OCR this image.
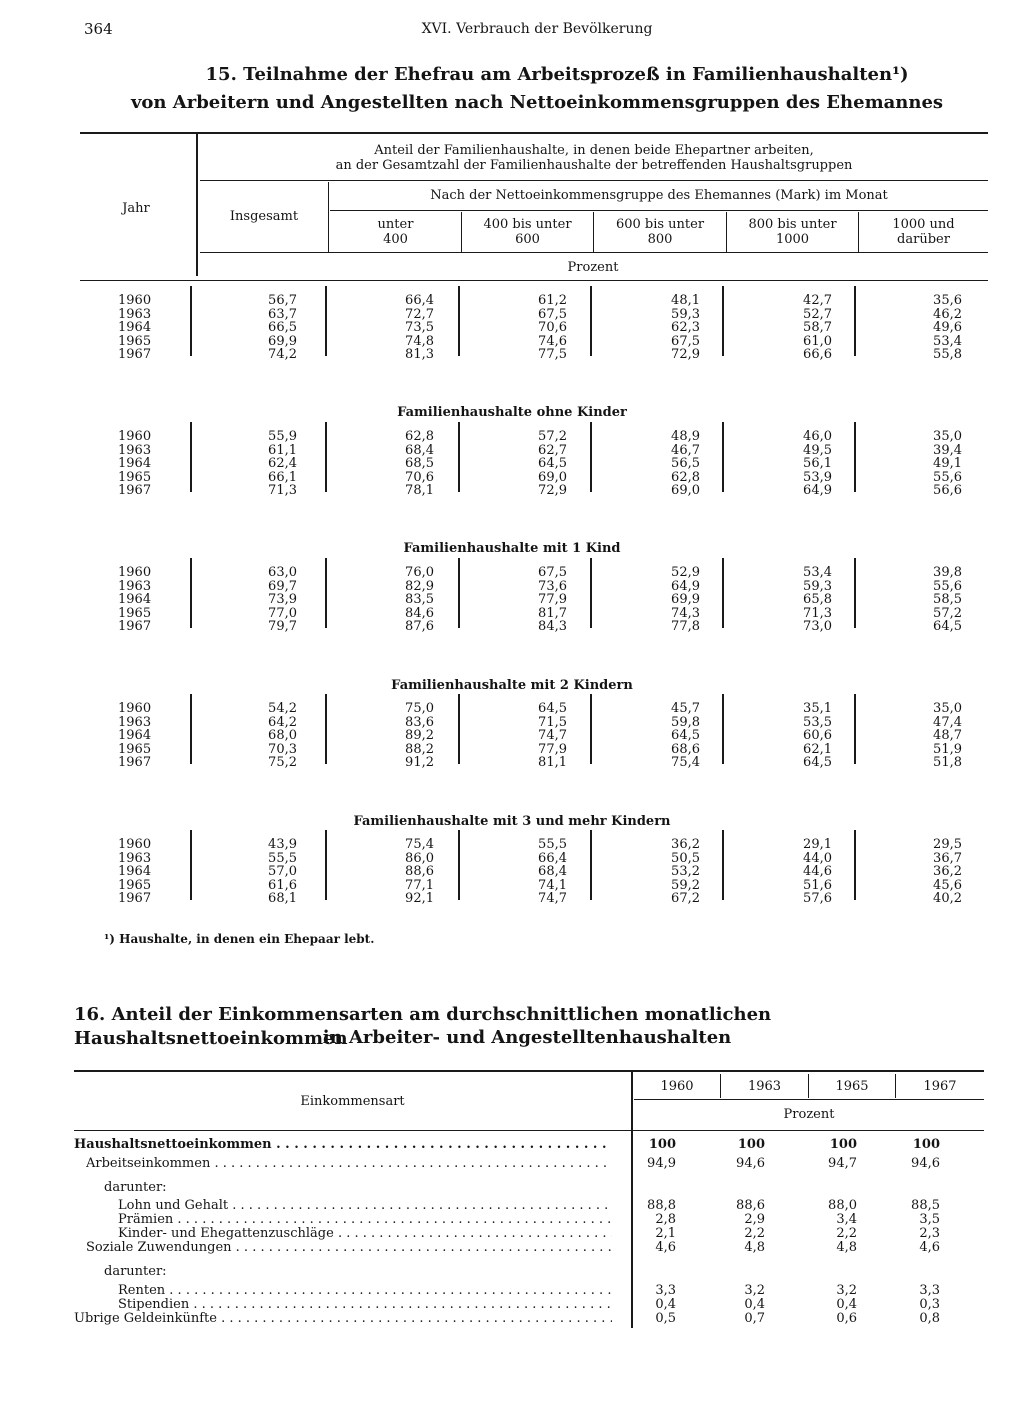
364	XVI. Verbrauch der Bevölkerung
15. Teilnahme der Ehefrau am Arbeitsprozeß in Familienhaushalten¹)
von Arbeitern und Angestellten nach Nettoeinkommensgruppen des Ehemannes
Jahr
Anteil der Familienhaushalte, in denen beide Ehepartner arbeiten,
an der Gesamtzahl der Familienhaushalte der betreffenden Haushaltsgruppen
Insgesamt
Nach der Nettoeinkommensgruppe des Ehemannes (Mark) im Monat
unter
400
400 bis unter
600
600 bis unter
800
800 bis unter
1000
1000 und
darüber
Prozent
1960	56,7	66,4	61,2	48,1	42,7	35,6
1963	63,7	72,7	67,5	59,3	52,7	46,2
1964	66,5	73,5	70,6	62,3	58,7	49,6
1965	69,9	74,8	74,6	67,5	61,0	53,4
1967	74,2	81,3	77,5	72,9	66,6	55,8
Familienhaushalte ohne Kinder
1960	55,9	62,8	57,2	48,9	46,0	35,0
1963	61,1	68,4	62,7	46,7	49,5	39,4
1964	62,4	68,5	64,5	56,5	56,1	49,1
1965	66,1	70,6	69,0	62,8	53,9	55,6
1967	71,3	78,1	72,9	69,0	64,9	56,6
Familienhaushalte mit 1 Kind
1960	63,0	76,0	67,5	52,9	53,4	39,8
1963	69,7	82,9	73,6	64,9	59,3	55,6
1964	73,9	83,5	77,9	69,9	65,8	58,5
1965	77,0	84,6	81,7	74,3	71,3	57,2
1967	79,7	87,6	84,3	77,8	73,0	64,5
Familienhaushalte mit 2 Kindern
1960	54,2	75,0	64,5	45,7	35,1	35,0
1963	64,2	83,6	71,5	59,8	53,5	47,4
1964	68,0	89,2	74,7	64,5	60,6	48,7
1965	70,3	88,2	77,9	68,6	62,1	51,9
1967	75,2	91,2	81,1	75,4	64,5	51,8
Familienhaushalte mit 3 und mehr Kindern
1960	43,9	75,4	55,5	36,2	29,1	29,5
1963	55,5	86,0	66,4	50,5	44,0	36,7
1964	57,0	88,6	68,4	53,2	44,6	36,2
1965	61,6	77,1	74,1	59,2	51,6	45,6
1967	68,1	92,1	74,7	67,2	57,6	40,2
¹) Haushalte, in denen ein Ehepaar lebt.
16. Anteil der Einkommensarten am durchschnittlichen monatlichen Haushaltsnettoeinkommen
in Arbeiter- und Angestelltenhaushalten
Einkommensart
1960	1963	1965	1967
Prozent
Haushaltsnettoeinkommen . . .	100	100	100	100
Arbeitseinkommen . . .	94,9	94,6	94,7	94,6
darunter:
Lohn und Gehalt . . .	88,8	88,6	88,0	88,5
Prämien . . .	2,8	2,9	3,4	3,5
Kinder- und Ehegattenzuschläge . . .	2,1	2,2	2,2	2,3
Soziale Zuwendungen . . .	4,6	4,8	4,8	4,6
darunter:
Renten . . .	3,3	3,2	3,2	3,3
Stipendien . . .	0,4	0,4	0,4	0,3
Übrige Geldeinkünfte . . .	0,5	0,7	0,6	0,8
